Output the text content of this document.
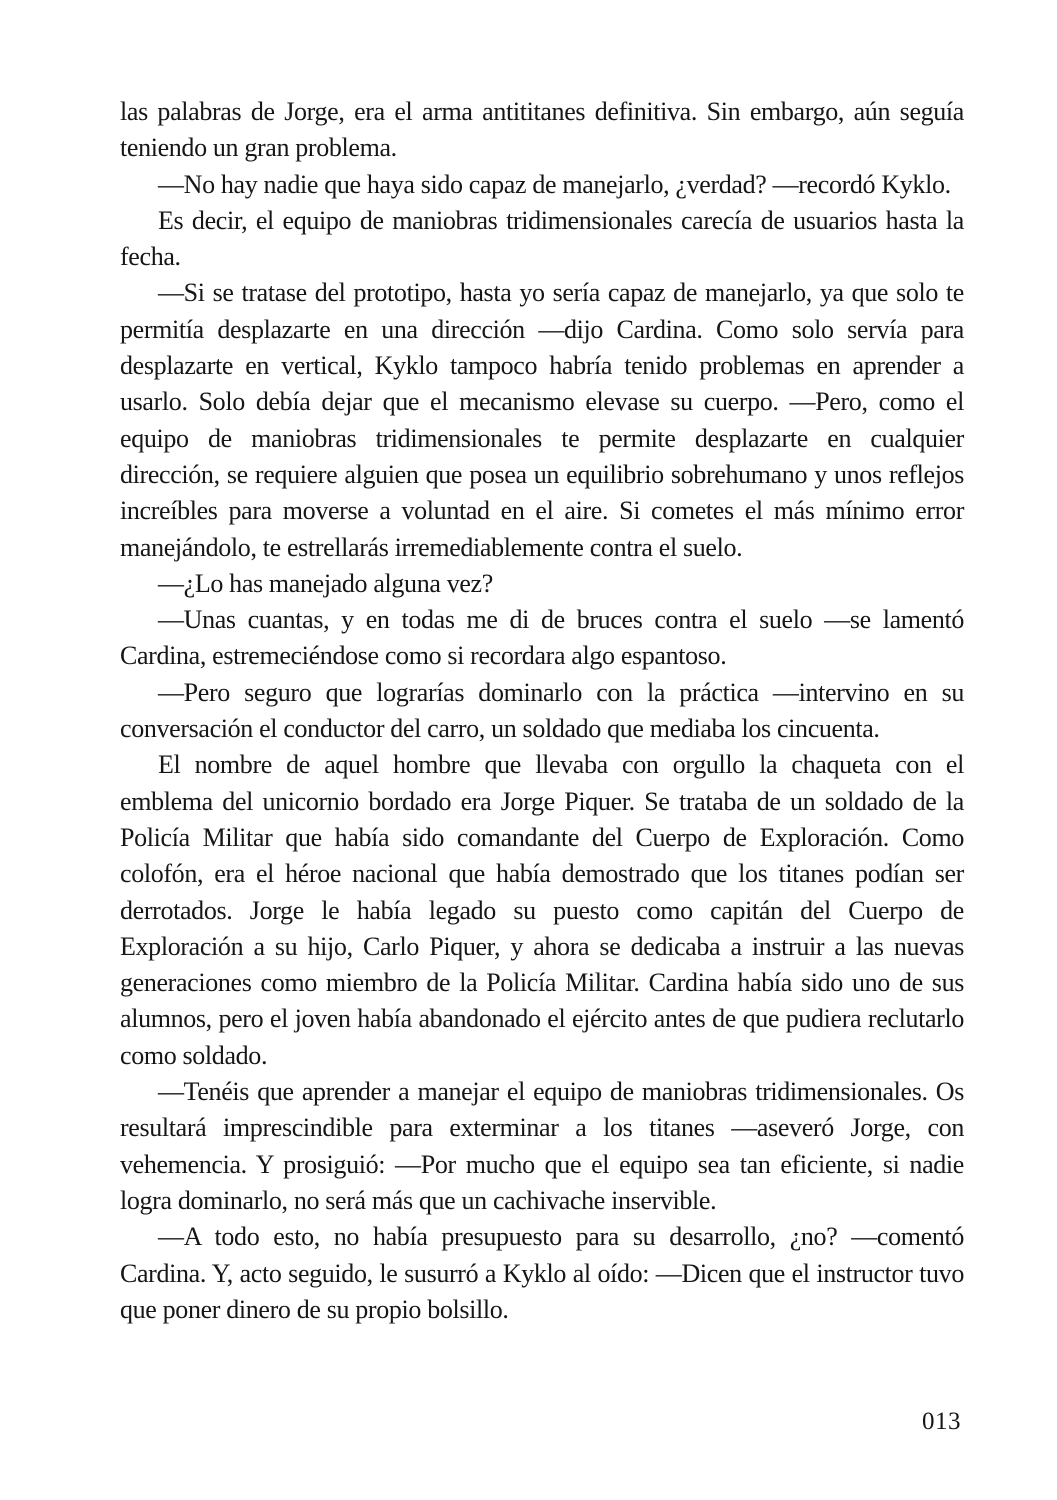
las palabras de Jorge, era el arma antititanes definitiva. Sin embargo, aún seguía teniendo un gran problema.

—No hay nadie que haya sido capaz de manejarlo, ¿verdad? —recordó Kyklo.

Es decir, el equipo de maniobras tridimensionales carecía de usuarios hasta la fecha.

—Si se tratase del prototipo, hasta yo sería capaz de manejarlo, ya que solo te permitía desplazarte en una dirección —dijo Cardina. Como solo servía para desplazarte en vertical, Kyklo tampoco habría tenido problemas en aprender a usarlo. Solo debía dejar que el mecanismo elevase su cuerpo. —Pero, como el equipo de maniobras tridimensionales te permite desplazarte en cualquier dirección, se requiere alguien que posea un equilibrio sobrehumano y unos reflejos increíbles para moverse a voluntad en el aire. Si cometes el más mínimo error manejándolo, te estrellarás irremediablemente contra el suelo.

—¿Lo has manejado alguna vez?

—Unas cuantas, y en todas me di de bruces contra el suelo —se lamentó Cardina, estremeciéndose como si recordara algo espantoso.

—Pero seguro que lograrías dominarlo con la práctica —intervino en su conversación el conductor del carro, un soldado que mediaba los cincuenta.

El nombre de aquel hombre que llevaba con orgullo la chaqueta con el emblema del unicornio bordado era Jorge Piquer. Se trataba de un soldado de la Policía Militar que había sido comandante del Cuerpo de Exploración. Como colofón, era el héroe nacional que había demostrado que los titanes podían ser derrotados. Jorge le había legado su puesto como capitán del Cuerpo de Exploración a su hijo, Carlo Piquer, y ahora se dedicaba a instruir a las nuevas generaciones como miembro de la Policía Militar. Cardina había sido uno de sus alumnos, pero el joven había abandonado el ejército antes de que pudiera reclutarlo como soldado.

—Tenéis que aprender a manejar el equipo de maniobras tridimensionales. Os resultará imprescindible para exterminar a los titanes —aseveró Jorge, con vehemencia. Y prosiguió: —Por mucho que el equipo sea tan eficiente, si nadie logra dominarlo, no será más que un cachivache inservible.

—A todo esto, no había presupuesto para su desarrollo, ¿no? —comentó Cardina. Y, acto seguido, le susurró a Kyklo al oído: —Dicen que el instructor tuvo que poner dinero de su propio bolsillo.

013
